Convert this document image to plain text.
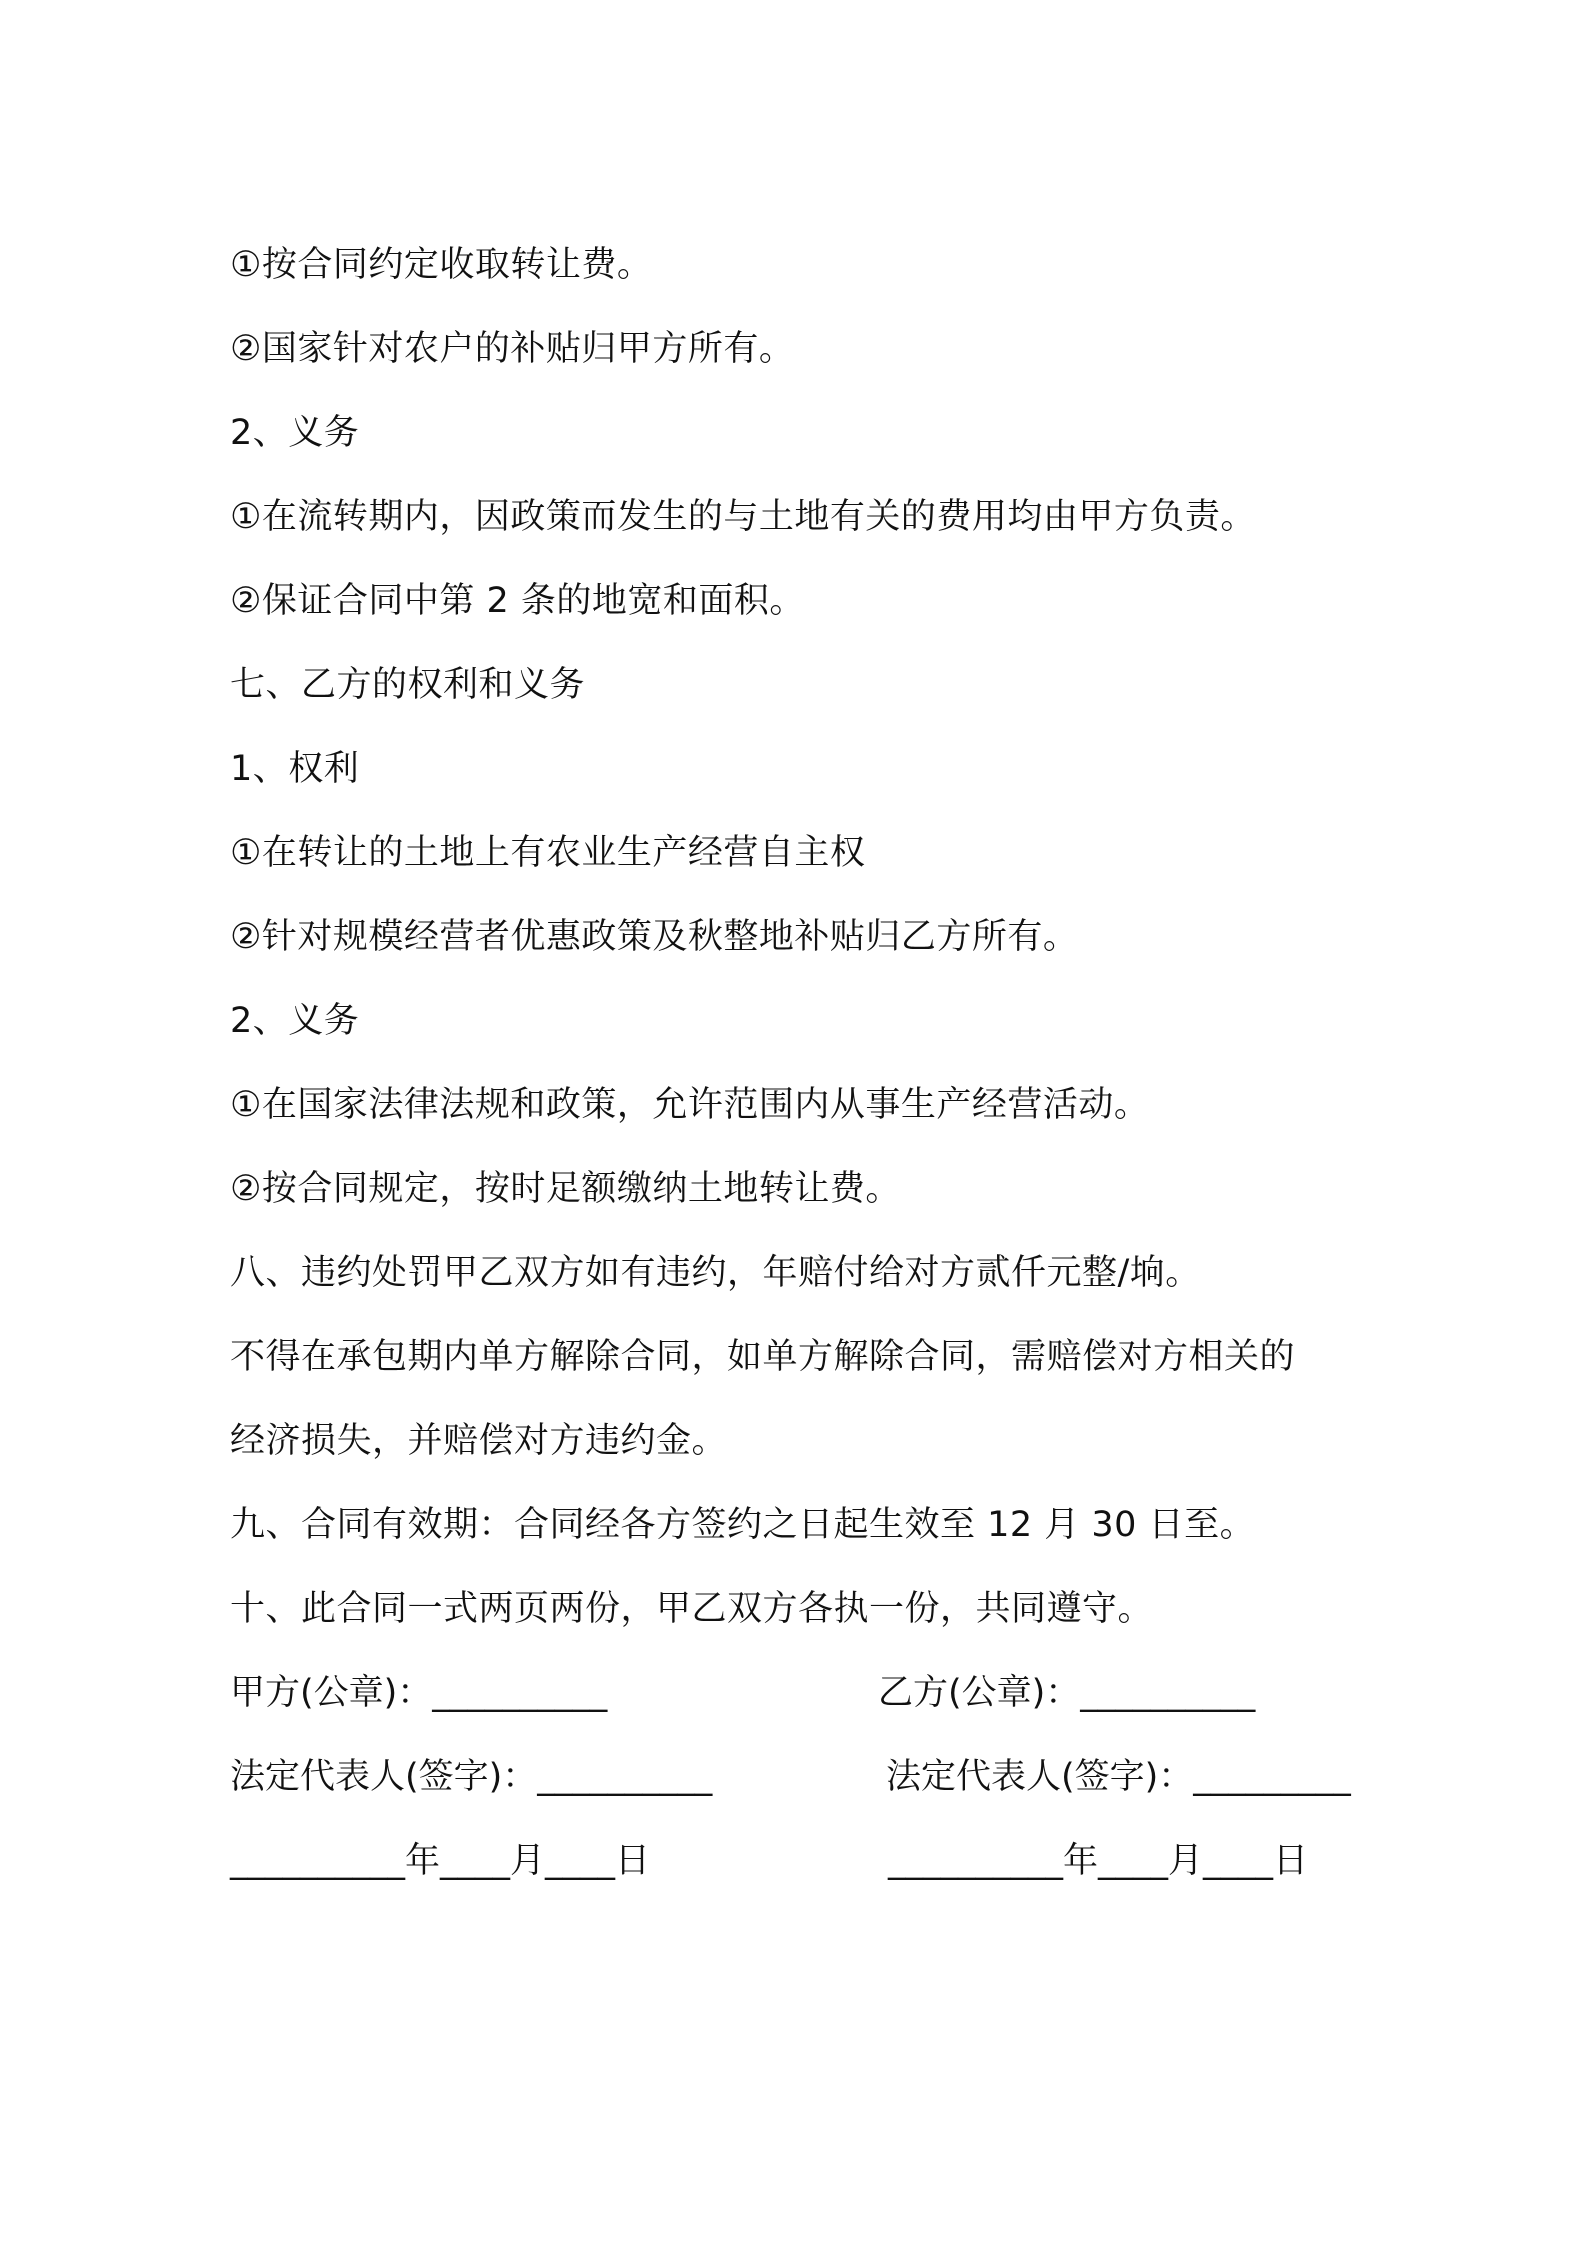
①按合同约定收取转让费。
②国家针对农户的补贴归甲方所有。
2、义务
①在流转期内，因政策而发生的与土地有关的费用均由甲方负责。
②保证合同中第 2 条的地宽和面积。
七、乙方的权利和义务
1、权利
①在转让的土地上有农业生产经营自主权
②针对规模经营者优惠政策及秋整地补贴归乙方所有。
2、义务
①在国家法律法规和政策，允许范围内从事生产经营活动。
②按合同规定，按时足额缴纳土地转让费。
八、违约处罚甲乙双方如有违约，年赔付给对方贰仟元整/垧。
不得在承包期内单方解除合同，如单方解除合同，需赔偿对方相关的
经济损失，并赔偿对方违约金。
九、合同有效期：合同经各方签约之日起生效至 12 月 30 日至。
十、此合同一式两页两份，甲乙双方各执一份，共同遵守。
甲方(公章)：__________	乙方(公章)：__________
法定代表人(签字)：__________	法定代表人(签字)：_________
__________年____月____日	__________年____月____日
